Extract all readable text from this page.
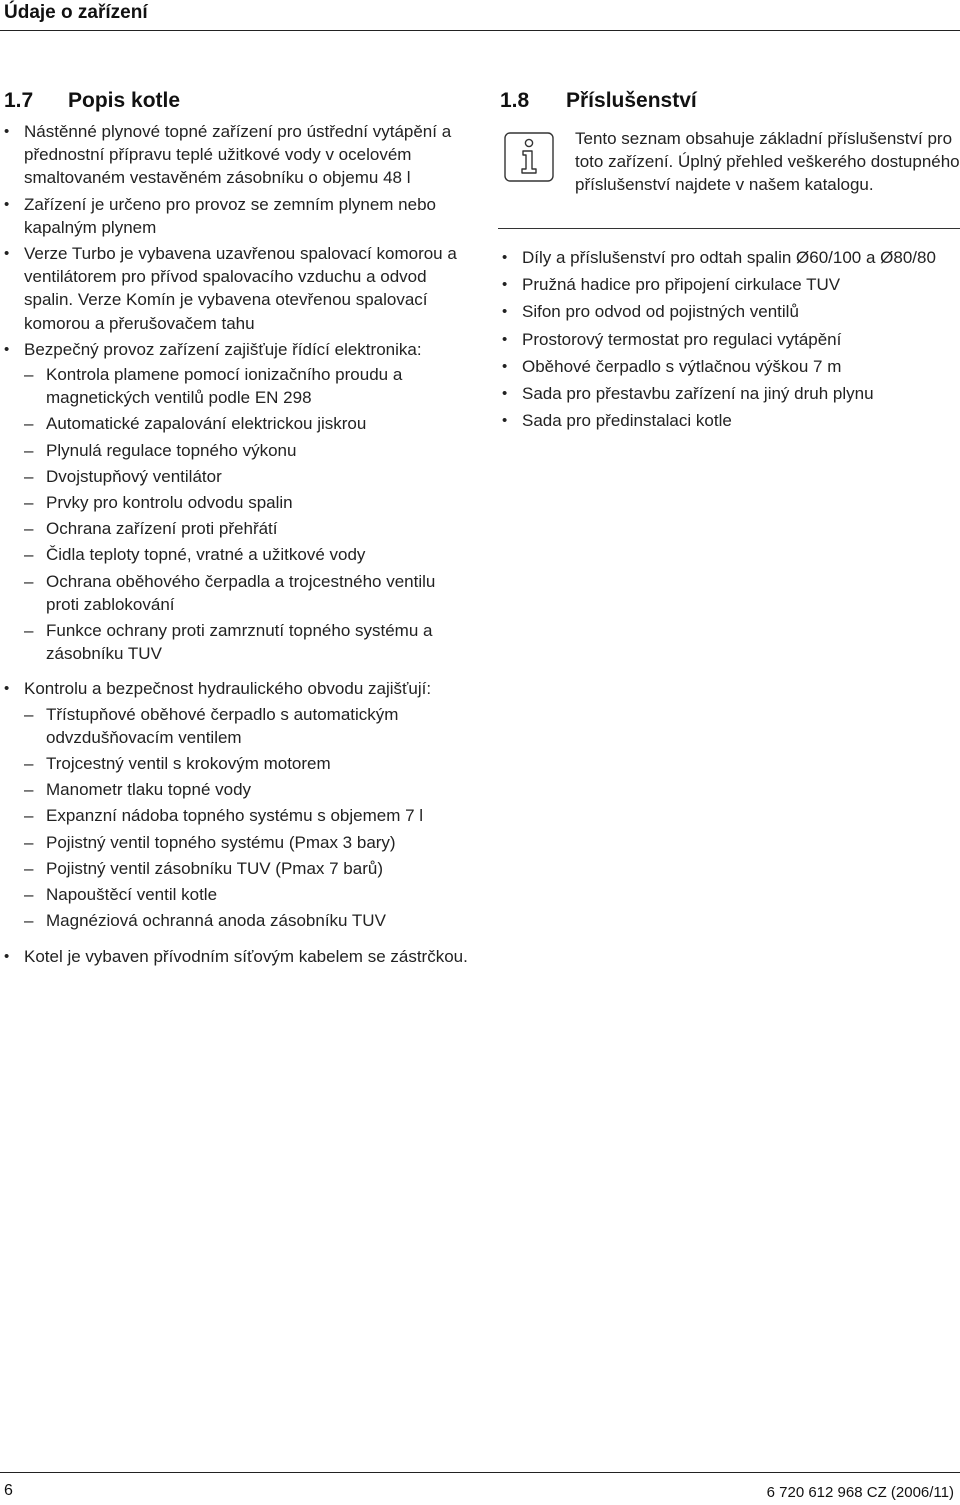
Údaje o zařízení
1.7	Popis kotle
• Nástěnné plynové topné zařízení pro ústřední vytápění a přednostní přípravu teplé užitkové vody v ocelovém smaltovaném vestavěném zásobníku o objemu 48 l
• Zařízení je určeno pro provoz se zemním plynem nebo kapalným plynem
• Verze Turbo je vybavena uzavřenou spalovací komorou a ventilátorem pro přívod spalovacího vzduchu a odvod spalin. Verze Komín je vybavena otevřenou spalovací komorou a přerušovačem tahu
• Bezpečný provoz zařízení zajišťuje řídící elektronika:
– Kontrola plamene pomocí ionizačního proudu a magnetických ventilů podle EN 298
– Automatické zapalování elektrickou jiskrou
– Plynulá regulace topného výkonu
– Dvojstupňový ventilátor
– Prvky pro kontrolu odvodu spalin
– Ochrana zařízení proti přehřátí
– Čidla teploty topné, vratné a užitkové vody
– Ochrana oběhového čerpadla a trojcestného ventilu proti zablokování
– Funkce ochrany proti zamrznutí topného systému a zásobníku TUV
• Kontrolu a bezpečnost hydraulického obvodu zajišťují:
– Třístupňové oběhové čerpadlo s automatickým odvzdušňovacím ventilem
– Trojcestný ventil s krokovým motorem
– Manometr tlaku topné vody
– Expanzní nádoba topného systému s objemem 7 l
– Pojistný ventil topného systému (Pmax 3 bary)
– Pojistný ventil zásobníku TUV (Pmax 7 barů)
– Napouštěcí ventil kotle
– Magnéziová ochranná anoda zásobníku TUV
• Kotel je vybaven přívodním síťovým kabelem se zástrčkou.
1.8	Příslušenství
Tento seznam obsahuje základní příslušenství pro toto zařízení. Úplný přehled veškerého dostupného příslušenství najdete v našem katalogu.
• Díly a příslušenství pro odtah spalin Ø60/100 a Ø80/80
• Pružná hadice pro připojení cirkulace TUV
• Sifon pro odvod od pojistných ventilů
• Prostorový termostat pro regulaci vytápění
• Oběhové čerpadlo s výtlačnou výškou 7 m
• Sada pro přestavbu zařízení na jiný druh plynu
• Sada pro předinstalaci kotle
6	6 720 612 968 CZ (2006/11)
